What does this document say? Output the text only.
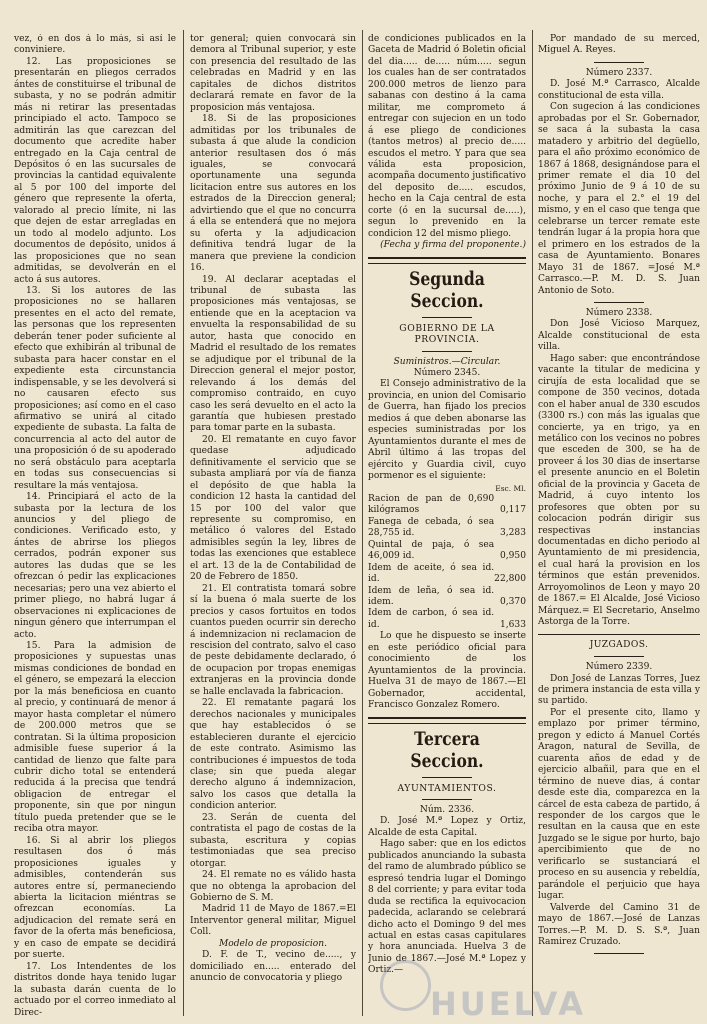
vez, ó en dos á lo más, si así le conviniere.

12. Las proposiciones se presentarán en pliegos cerrados ántes de constituirse el tribunal de subasta, y no se podrán admitir más ni retirar las presentadas principiado el acto. Tampoco se admitirán las que carezcan del documento que acredite haber entregado en la Caja central de Depósitos ó en las sucursales de provincias la cantidad equivalente al 5 por 100 del importe del género que represente la oferta, valorado al precio límite, ni las que dejen de estar arregladas en un todo al modelo adjunto. Los documentos de depósito, unidos á las proposiciones que no sean admitidas, se devolverán en el acto á sus autores.

13. Si los autores de las proposiciones no se hallaren presentes en el acto del remate, las personas que los representen deberán tener poder suficiente al efecto que exhibirán al tribunal de subasta para hacer constar en el expediente esta circunstancia indispensable, y se les devolverá si no causaren efecto sus proposiciones; así como en el caso afirmativo se unirá al citado expediente de subasta. La falta de concurrencia al acto del autor de una proposición ó de su apoderado no será obstáculo para aceptarla en todas sus consecuencias si resultare la más ventajosa.

14. Principiará el acto de la subasta por la lectura de los anuncios y del pliego de condiciones. Verificado esto, y ántes de abrirse los pliegos cerrados, podrán exponer sus autores las dudas que se les ofrezcan ó pedir las explicaciones necesarias; pero una vez abierto el primer pliego, no habrá lugar á observaciones ni explicaciones de ningun género que interrumpan el acto.

15. Para la admision de proposiciones y supuestas unas mismas condiciones de bondad en el género, se empezará la eleccion por la más beneficiosa en cuanto al precio, y continuará de menor á mayor hasta completar el número de 200.000 metros que se contratan. Si la última proposicion admisible fuese superior á la cantidad de lienzo que falte para cubrir dicho total se entenderá reducida á la precisa que tendrá obligacion de entregar el proponente, sin que por ningun título pueda pretender que se le reciba otra mayor.

16. Si al abrir los pliegos resultasen dos ó más proposiciones iguales y admisibles, contenderán sus autores entre sí, permaneciendo abierta la licitacion miéntras se ofrezcan economías. La adjudicacion del remate será en favor de la oferta más beneficiosa, y en caso de empate se decidirá por suerte.

17. Los Intendentes de los distritos donde haya tenido lugar la subasta darán cuenta de lo actuado por el correo inmediato al Direc-

tor general; quien convocará sin demora al Tribunal superior, y este con presencia del resultado de las celebradas en Madrid y en las capitales de dichos distritos declarará remate en favor de la proposicion más ventajosa.

18. Si de las proposiciones admitidas por los tribunales de subasta á que alude la condicion anterior resultasen dos ó más iguales, se convocará oportunamente una segunda licitacion entre sus autores en los estrados de la Direccion general; advirtiendo que el que no concurra á ella se entenderá que no mejora su oferta y la adjudicacion definitiva tendrá lugar de la manera que previene la condicion 16.

19. Al declarar aceptadas el tribunal de subasta las proposiciones más ventajosas, se entiende que en la aceptacion va envuelta la responsabilidad de su autor, hasta que conocido en Madrid el resultado de los remates se adjudique por el tribunal de la Direccion general el mejor postor, relevando á los demás del compromiso contraido, en cuyo caso les será devuelto en el acto la garantía que hubiesen prestado para tomar parte en la subasta.

20. El rematante en cuyo favor quedase adjudicado definitivamente el servicio que se subasta ampliará por vía de fianza el depósito de que habla la condicion 12 hasta la cantidad del 15 por 100 del valor que represente su compromiso, en metálico ó valores del Estado admisibles según la ley, libres de todas las exenciones que establece el art. 13 de la de Contabilidad de 20 de Febrero de 1850.

21. El contratista tomará sobre sí la buena ó mala suerte de los precios y casos fortuitos en todos cuantos pueden ocurrir sin derecho á indemnizacion ni reclamacion de rescision del contrato, salvo el caso de peste debidamente declarado, ó de ocupacion por tropas enemigas extranjeras en la provincia donde se halle enclavada la fabricacion.

22. El rematante pagará los derechos nacionales y municipales que hay establecidos ó se establecieren durante el ejercicio de este contrato. Asimismo las contribuciones é impuestos de toda clase; sin que pueda alegar derecho alguno á indemnizacion, salvo los casos que detalla la condicion anterior.

23. Serán de cuenta del contratista el pago de costas de la subasta, escritura y copias testimoniadas que sea preciso otorgar.

24. El remate no es válido hasta que no obtenga la aprobacion del Gobierno de S. M.

Madrid 11 de Mayo de 1867.=El Interventor general militar, Miguel Coll.

Modelo de proposicion.

D. F. de T., vecino de....., y domiciliado en..... enterado del anuncio de convocatoria y pliego

de condiciones publicados en la Gaceta de Madrid ó Boletin oficial del dia..... de..... núm..... segun los cuales han de ser contratados 200.000 metros de lienzo para sabanas con destino á la cama militar, me comprometo á entregar con sujecion en un todo á ese pliego de condiciones (tantos metros) al precio de..... escudos el metro. Y para que sea válida esta proposicion, acompaña documento justificativo del deposito de..... escudos, hecho en la Caja central de esta corte (ó en la sucursal de.....), segun lo prevenido en la condicion 12 del mismo pliego.

(Fecha y firma del proponente.)

Segunda Seccion.
GOBIERNO DE LA PROVINCIA.

Suministros.—Circular.

Número 2345.

El Consejo administrativo de la provincia, en union del Comisario de Guerra, han fijado los precios medios á que deben abonarse las especies suministradas por los Ayuntamientos durante el mes de Abril último á las tropas del ejército y Guardia civil, cuyo pormenor es el siguiente:

Esc. Ml.
Racion de pan de 0,690 kilógramos	0,117
Fanega de cebada, ó sea 28,755 id.	3,283
Quintal de paja, ó sea 46,009 id.	0,950
Idem de aceite, ó sea id. id.	22,800
Idem de leña, ó sea id. idem.	0,370
Idem de carbon, ó sea id. id.	1,633

Lo que he dispuesto se inserte en este periódico oficial para conocimiento de los Ayuntamientos de la provincia. Huelva 31 de mayo de 1867.—El Gobernador, accidental, Francisco Gonzalez Romero.

Tercera Seccion.
AYUNTAMIENTOS.

Núm. 2336.

D. José M.ª Lopez y Ortiz, Alcalde de esta Capital.

Hago saber: que en los edictos publicados anunciando la subasta del ramo de alumbrado público se espresó tendria lugar el Domingo 8 del corriente; y para evitar toda duda se rectifica la equivocacion padecida, aclarando se celebrará dicho acto el Domingo 9 del mes actual en estas casas capitulares y hora anunciada. Huelva 3 de Junio de 1867.—José M.ª Lopez y Ortiz.—

Por mandado de su merced, Miguel A. Reyes.

Número 2337.

D. José M.ª Carrasco, Alcalde constitucional de esta villa.

Con sugecion á las condiciones aprobadas por el Sr. Gobernador, se saca á la subasta la casa matadero y arbitrio del degüello, para el año próximo económico de 1867 á 1868, designándose para el primer remate el dia 10 del próximo Junio de 9 á 10 de su noche, y para el 2.° el 19 del mismo, y en el caso que tenga que celebrarse un tercer remate este tendrán lugar á la propia hora que el primero en los estrados de la casa de Ayuntamiento. Bonares Mayo 31 de 1867. =José M.ª Carrasco.—P. M. D. S. Juan Antonio de Soto.

Número 2338.

Don José Vicioso Marquez, Alcalde constitucional de esta villa.

Hago saber: que encontrándose vacante la titular de medicina y cirujía de esta localidad que se compone de 350 vecinos, dotada con el haber anual de 330 escudos (3300 rs.) con más las igualas que concierte, ya en trigo, ya en metálico con los vecinos no pobres que esceden de 300, se ha de proveer á los 30 dias de insertarse el presente anuncio en el Boletin oficial de la provincia y Gaceta de Madrid, á cuyo intento los profesores que obten por su colocacion podrán dirigir sus respectivas instancias documentadas en dicho periodo al Ayuntamiento de mi presidencia, el cual hará la provision en los términos que están prevenidos. Arroyomolinos de Leon y mayo 20 de 1867.= El Alcalde, José Vicioso Márquez.= El Secretario, Anselmo Astorga de la Torre.

JUZGADOS.

Número 2339.

Don José de Lanzas Torres, Juez de primera instancia de esta villa y su partido.

Por el presente cito, llamo y emplazo por primer término, pregon y edicto á Manuel Cortés Aragon, natural de Sevilla, de cuarenta años de edad y de ejercicio albañil, para que en el término de nueve dias, á contar desde este dia, comparezca en la cárcel de esta cabeza de partido, á responder de los cargos que le resultan en la causa que en este Juzgado se le sigue por hurto, bajo apercibimiento que de no verificarlo se sustanciará el proceso en su ausencia y rebeldía, parándole el perjuicio que haya lugar.

Valverde del Camino 31 de mayo de 1867.—José de Lanzas Torres.—P. M. D. S. S.ª, Juan Ramirez Cruzado.

HUELVA
